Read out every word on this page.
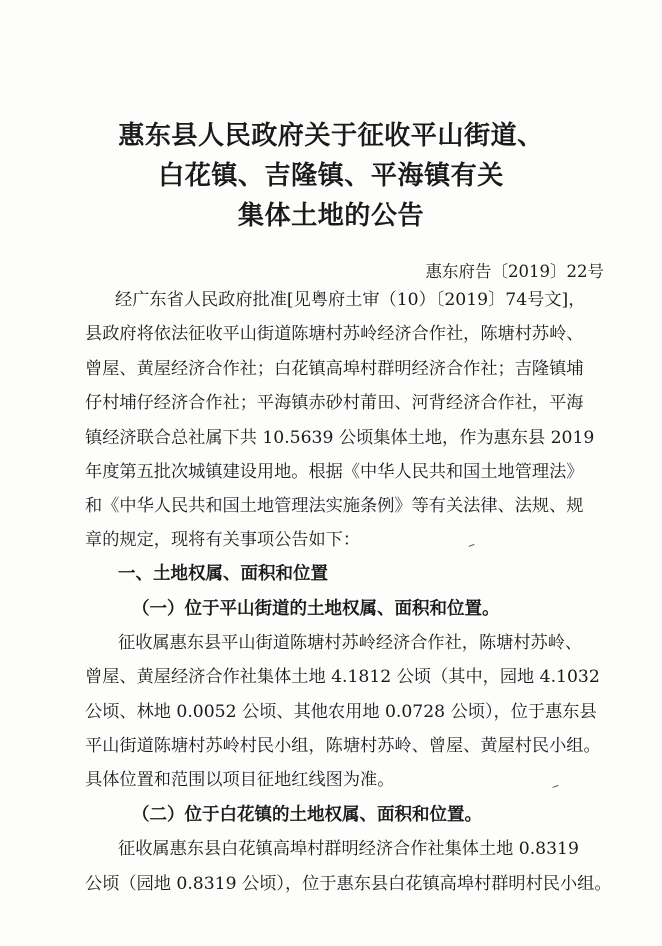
惠东县人民政府关于征收平山街道、
白花镇、吉隆镇、平海镇有关
集体土地的公告
惠东府告〔2019〕22号
经广东省人民政府批准[见粤府土审（10）〔2019〕74号文]，
县政府将依法征收平山街道陈塘村苏岭经济合作社，陈塘村苏岭、
曾屋、黄屋经济合作社；白花镇高埠村群明经济合作社；吉隆镇埔
仔村埔仔经济合作社；平海镇赤砂村莆田、河背经济合作社，平海
镇经济联合总社属下共 10.5639 公顷集体土地，作为惠东县 2019
年度第五批次城镇建设用地。根据《中华人民共和国土地管理法》
和《中华人民共和国土地管理法实施条例》等有关法律、法规、规
章的规定，现将有关事项公告如下：
一、土地权属、面积和位置
（一）位于平山街道的土地权属、面积和位置。
征收属惠东县平山街道陈塘村苏岭经济合作社，陈塘村苏岭、
曾屋、黄屋经济合作社集体土地 4.1812 公顷（其中，园地 4.1032
公顷、林地 0.0052 公顷、其他农用地 0.0728 公顷），位于惠东县
平山街道陈塘村苏岭村民小组，陈塘村苏岭、曾屋、黄屋村民小组。
具体位置和范围以项目征地红线图为准。
（二）位于白花镇的土地权属、面积和位置。
征收属惠东县白花镇高埠村群明经济合作社集体土地 0.8319
公顷（园地 0.8319 公顷），位于惠东县白花镇高埠村群明村民小组。
